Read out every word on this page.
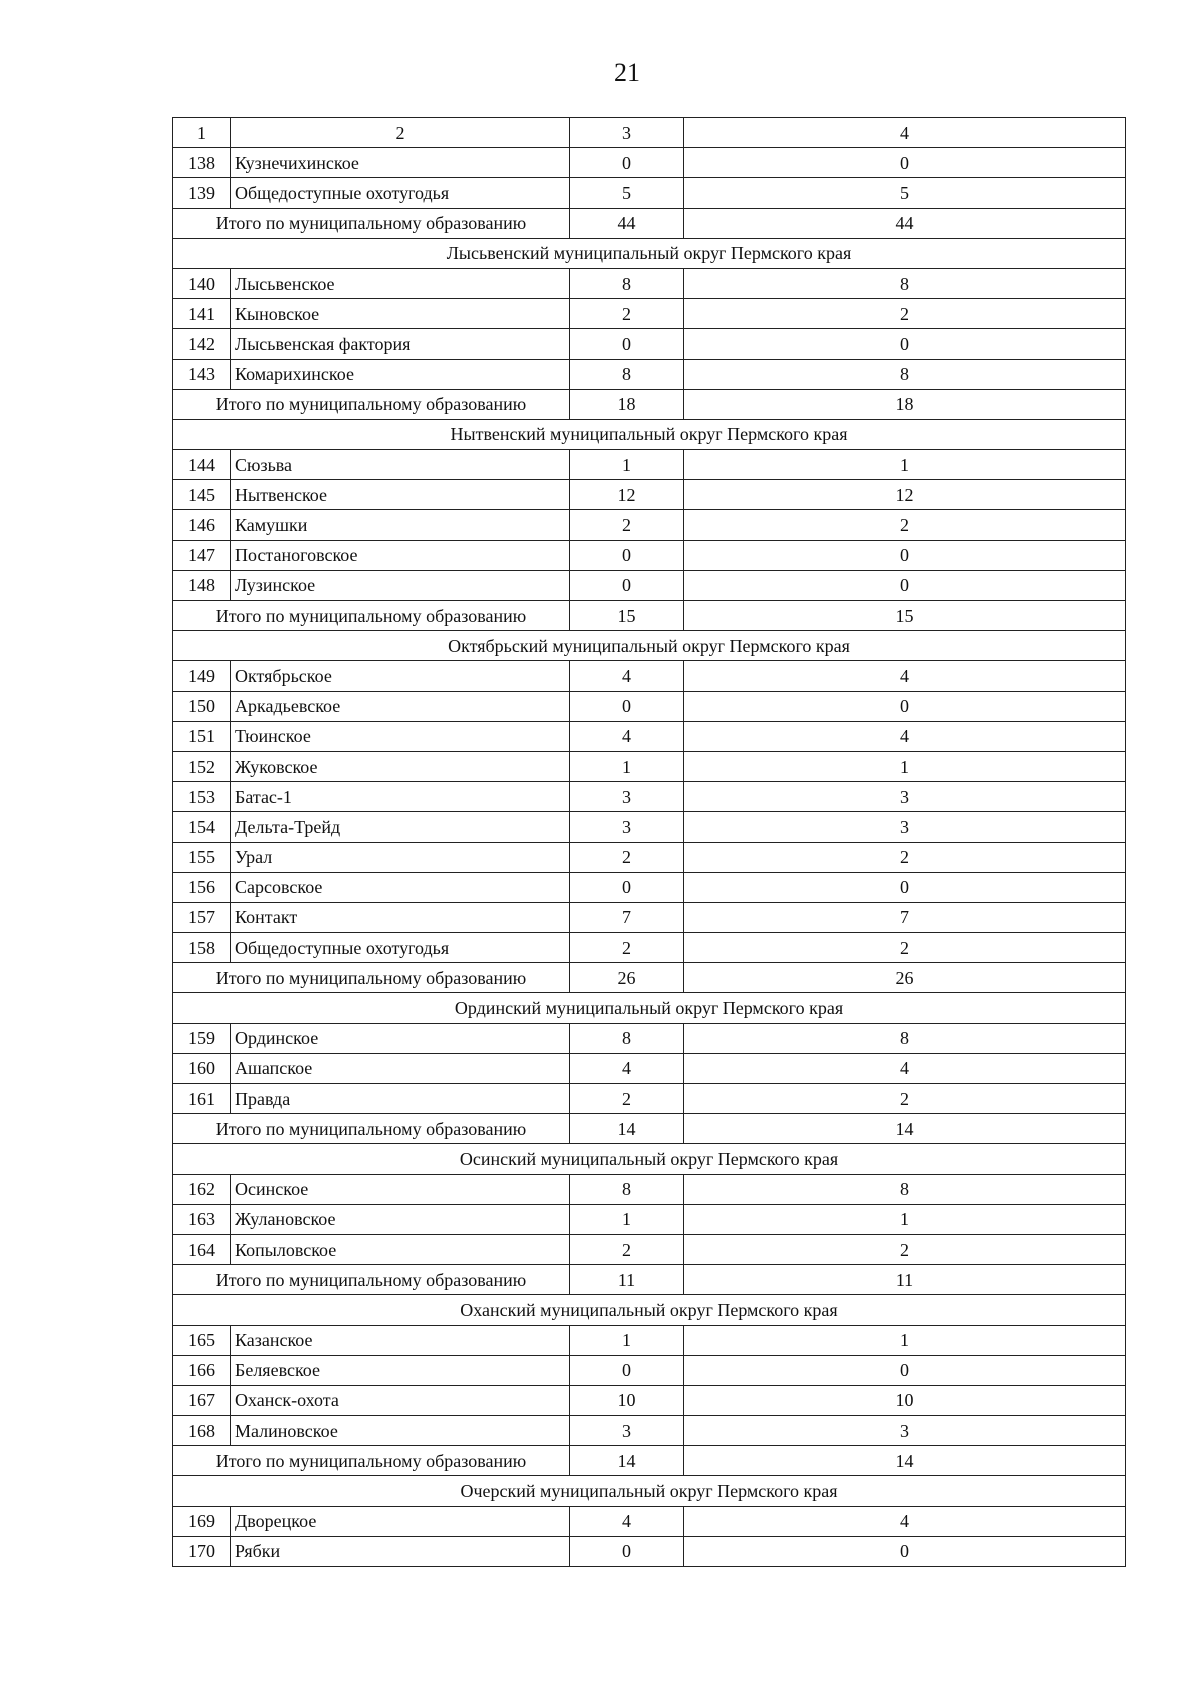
21
1	2	3	4
138	Кузнечихинское	0	0
139	Общедоступные охотугодья	5	5
Итого по муниципальному образованию		44	44
Лысьвенский муниципальный округ Пермского края			
140	Лысьвенское	8	8
141	Кыновское	2	2
142	Лысьвенская фактория	0	0
143	Комарихинское	8	8
Итого по муниципальному образованию		18	18
Нытвенский муниципальный округ Пермского края			
144	Сюзьва	1	1
145	Нытвенское	12	12
146	Камушки	2	2
147	Постаноговское	0	0
148	Лузинское	0	0
Итого по муниципальному образованию		15	15
Октябрьский муниципальный округ Пермского края			
149	Октябрьское	4	4
150	Аркадьевское	0	0
151	Тюинское	4	4
152	Жуковское	1	1
153	Батас-1	3	3
154	Дельта-Трейд	3	3
155	Урал	2	2
156	Сарсовское	0	0
157	Контакт	7	7
158	Общедоступные охотугодья	2	2
Итого по муниципальному образованию		26	26
Ординский муниципальный округ Пермского края			
159	Ординское	8	8
160	Ашапское	4	4
161	Правда	2	2
Итого по муниципальному образованию		14	14
Осинский муниципальный округ Пермского края			
162	Осинское	8	8
163	Жулановское	1	1
164	Копыловское	2	2
Итого по муниципальному образованию		11	11
Оханский муниципальный округ Пермского края			
165	Казанское	1	1
166	Беляевское	0	0
167	Оханск-охота	10	10
168	Малиновское	3	3
Итого по муниципальному образованию		14	14
Очерский муниципальный округ Пермского края			
169	Дворецкое	4	4
170	Рябки	0	0
